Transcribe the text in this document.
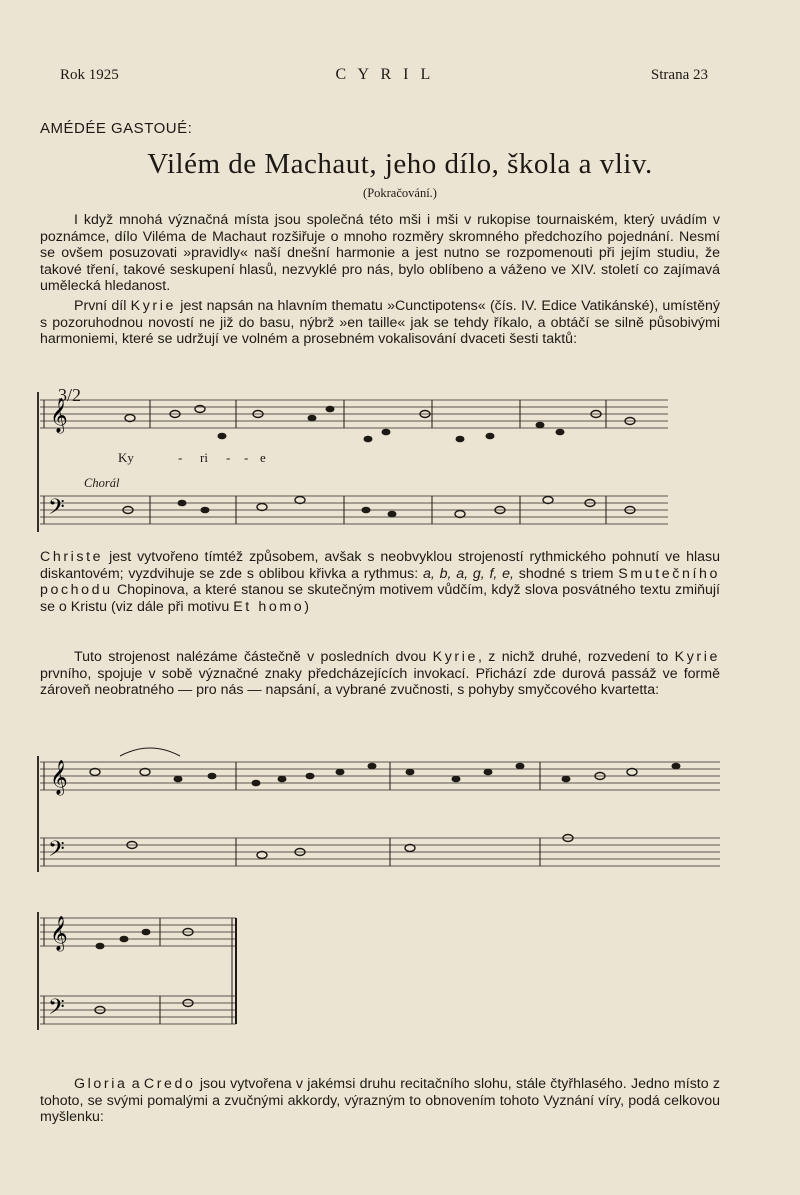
Rok 1925	C Y R I L	Strana 23
AMÉDÉE GASTOUÉ:
Vilém de Machaut, jeho dílo, škola a vliv.
(Pokračování.)
I když mnohá význačná místa jsou společná této mši i mši v rukopise tournaiském, který uvádím v poznámce, dílo Viléma de Machaut rozšiřuje o mnoho rozměry skromného předchozího pojednání. Nesmí se ovšem posuzovati »pravidly« naší dnešní harmonie a jest nutno se rozpomenouti při jejím studiu, že takové tření, takové seskupení hlasů, nezvyklé pro nás, bylo oblíbeno a váženo ve XIV. století co zajímavá umělecká hledanost.
První díl Kyrie jest napsán na hlavním thematu »Cunctipotens« (čís. IV. Edice Vatikánské), umístěný s pozoruhodnou novostí ne již do basu, nýbrž »en taille« jak se tehdy říkalo, a obtáčí se silně působivými harmoniemi, které se udržují ve volném a prosebném vokalisování dvaceti šesti taktů:
𝄞
𝄢
3/2
Ky	- ri - - e
Chorál
Christe jest vytvořeno tímtéž způsobem, avšak s neobvyklou strojeností rythmického pohnutí ve hlasu diskantovém; vyzdvihuje se zde s oblibou křivka a rythmus: a, b, a, g, f, e, shodné s triem Smutečního pochodu Chopinova, a které stanou se skutečným motivem vůdčím, když slova posvátného textu zmiňují se o Kristu (viz dále při motivu Et homo)
Tuto strojenost nalézáme částečně v posledních dvou Kyrie, z nichž druhé, rozvedení to Kyrie prvního, spojuje v sobě význačné znaky předcházejících invokací. Přichází zde durová passáž ve formě zároveň neobratného — pro nás — napsání, a vybrané zvučnosti, s pohyby smyčcového kvartetta:
𝄞
𝄢
𝄞
𝄢
Gloria a Credo jsou vytvořena v jakémsi druhu recitačního slohu, stále čtyřhlasého. Jedno místo z tohoto, se svými pomalými a zvučnými akkordy, výrazným to obnovením tohoto Vyznání víry, podá celkovou myšlenku:
